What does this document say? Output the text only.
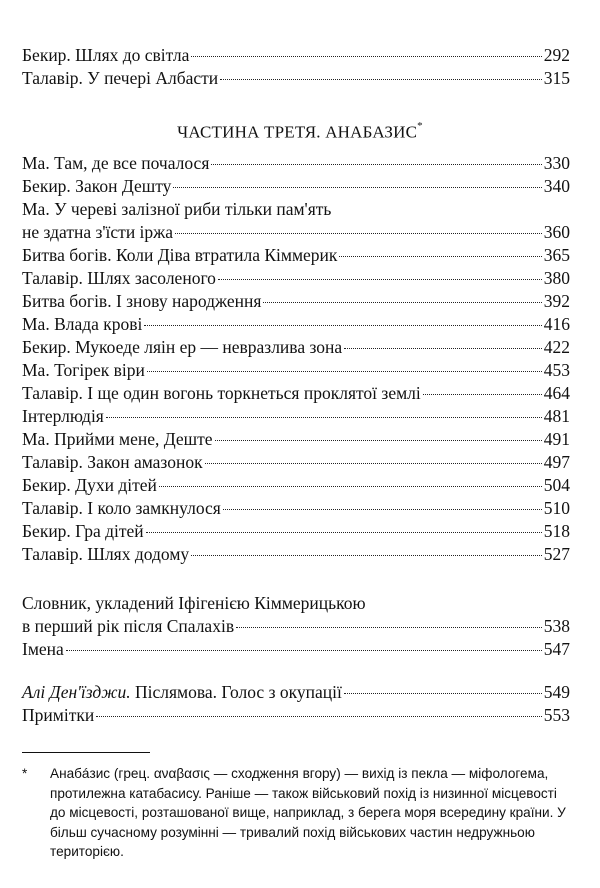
Бекир. Шлях до світла	292
Талавір. У печері Албасти	315
ЧАСТИНА ТРЕТЯ. АНАБАЗИС*
Ма. Там, де все почалося	330
Бекир. Закон Дешту	340
Ма. У череві залізної риби тільки пам'ять
не здатна з'їсти іржа	360
Битва богів. Коли Діва втратила Кіммерик	365
Талавір. Шлях засоленого	380
Битва богів. І знову народження	392
Ма. Влада крові	416
Бекир. Мукоеде ляін ер — невразлива зона	422
Ма. Тогірек віри	453
Талавір. І ще один вогонь торкнеться проклятої землі	464
Інтерлюдія	481
Ма. Прийми мене, Деште	491
Талавір. Закон амазонок	497
Бекир. Духи дітей	504
Талавір. І коло замкнулося	510
Бекир. Гра дітей	518
Талавір. Шлях додому	527
Словник, укладений Іфігенією Кіммерицькою
в перший рік після Спалахів	538
Імена	547
Алі Ден'їзджи. Післямова. Голос з окупації	549
Примітки	553
* Анабáзис (грец. αναβασις — сходження вгору) — вихід із пекла — міфологема, протилежна катабасису. Раніше — також військовий похід із низинної місцевості до місцевості, розташованої вище, наприклад, з берега моря всередину країни. У більш сучасному розумінні — тривалий похід військових частин недружньою територією.
